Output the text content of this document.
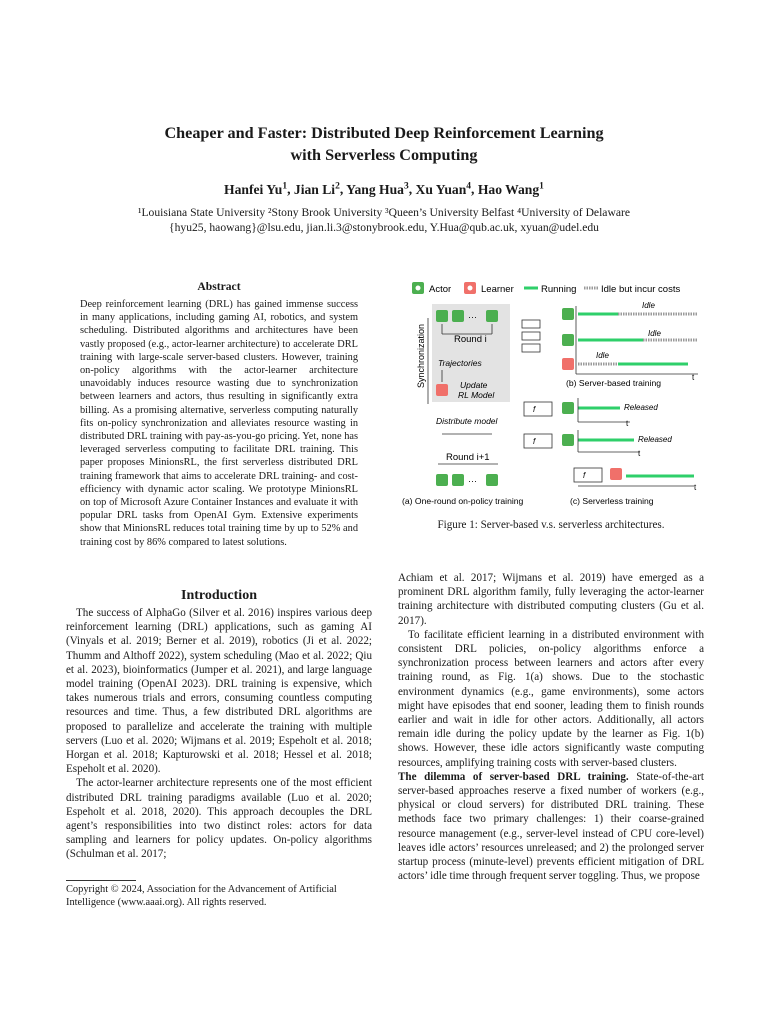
Cheaper and Faster: Distributed Deep Reinforcement Learning
with Serverless Computing
Hanfei Yu$^1$, Jian Li$^2$, Yang Hua$^3$, Xu Yuan$^4$, Hao Wang$^1$
¹Louisiana State University ²Stony Brook University ³Queen’s University Belfast ⁴University of Delaware
{hyu25, haowang}@lsu.edu, jian.li.3@stonybrook.edu, Y.Hua@qub.ac.uk, xyuan@udel.edu
Abstract
Deep reinforcement learning (DRL) has gained immense success in many applications, including gaming AI, robotics, and system scheduling. Distributed algorithms and architectures have been vastly proposed (e.g., actor-learner architecture) to accelerate DRL training with large-scale server-based clusters. However, training on-policy algorithms with the actor-learner architecture unavoidably induces resource wasting due to synchronization between learners and actors, thus resulting in significantly extra billing. As a promising alternative, serverless computing naturally fits on-policy synchronization and alleviates resource wasting in distributed DRL training with pay-as-you-go pricing. Yet, none has leveraged serverless computing to facilitate DRL training. This paper proposes MinionsRL, the first serverless distributed DRL training framework that aims to accelerate DRL training- and cost-efficiency with dynamic actor scaling. We prototype MinionsRL on top of Microsoft Azure Container Instances and evaluate it with popular DRL tasks from OpenAI Gym. Extensive experiments show that MinionsRL reduces total training time by up to 52% and training cost by 86% compared to latest solutions.
Introduction

The success of AlphaGo (Silver et al. 2016) inspires various deep reinforcement learning (DRL) applications, such as gaming AI (Vinyals et al. 2019; Berner et al. 2019), robotics (Ji et al. 2022; Thumm and Althoff 2022), system scheduling (Mao et al. 2022; Qiu et al. 2023), bioinformatics (Jumper et al. 2021), and large language model training (OpenAI 2023). DRL training is expensive, which takes numerous trials and errors, consuming countless computing resources and time. Thus, a few distributed DRL algorithms are proposed to parallelize and accelerate the training with multiple servers (Luo et al. 2020; Wijmans et al. 2019; Espeholt et al. 2018; Horgan et al. 2018; Kapturowski et al. 2018; Hessel et al. 2018; Espeholt et al. 2020).

The actor-learner architecture represents one of the most efficient distributed DRL training paradigms available (Luo et al. 2020; Espeholt et al. 2018, 2020). This approach decouples the DRL agent’s responsibilities into two distinct roles: actors for data sampling and learners for policy updates. On-policy algorithms (Schulman et al. 2017;

Copyright © 2024, Association for the Advancement of Artificial Intelligence (www.aaai.org). All rights reserved.
Actor	Learner	Running	Idle but incur costs
Synchronization
···
Round i
Trajectories
Update
RL Model
Distribute model
Round i+1
···
(a) One-round on-policy training
Idle
Idle
Idle
t
(b) Server-based training
f	Released
t
f	Released
t
f
t
(c) Serverless training
Figure 1: Server-based v.s. serverless architectures.

Achiam et al. 2017; Wijmans et al. 2019) have emerged as a prominent DRL algorithm family, fully leveraging the actor-learner training architecture with distributed computing clusters (Gu et al. 2017).

To facilitate efficient learning in a distributed environment with consistent DRL policies, on-policy algorithms enforce a synchronization process between learners and actors after every training round, as Fig. 1(a) shows. Due to the stochastic environment dynamics (e.g., game environments), some actors might have episodes that end sooner, leading them to finish rounds earlier and wait in idle for other actors. Additionally, all actors remain idle during the policy update by the learner as Fig. 1(b) shows. However, these idle actors significantly waste computing resources, amplifying training costs with server-based clusters.

The dilemma of server-based DRL training. State-of-the-art server-based approaches reserve a fixed number of workers (e.g., physical or cloud servers) for distributed DRL training. These methods face two primary challenges: 1) their coarse-grained resource management (e.g., server-level instead of CPU core-level) leaves idle actors’ resources unreleased; and 2) the prolonged server startup process (minute-level) prevents efficient mitigation of DRL actors’ idle time through frequent server toggling. Thus, we propose
